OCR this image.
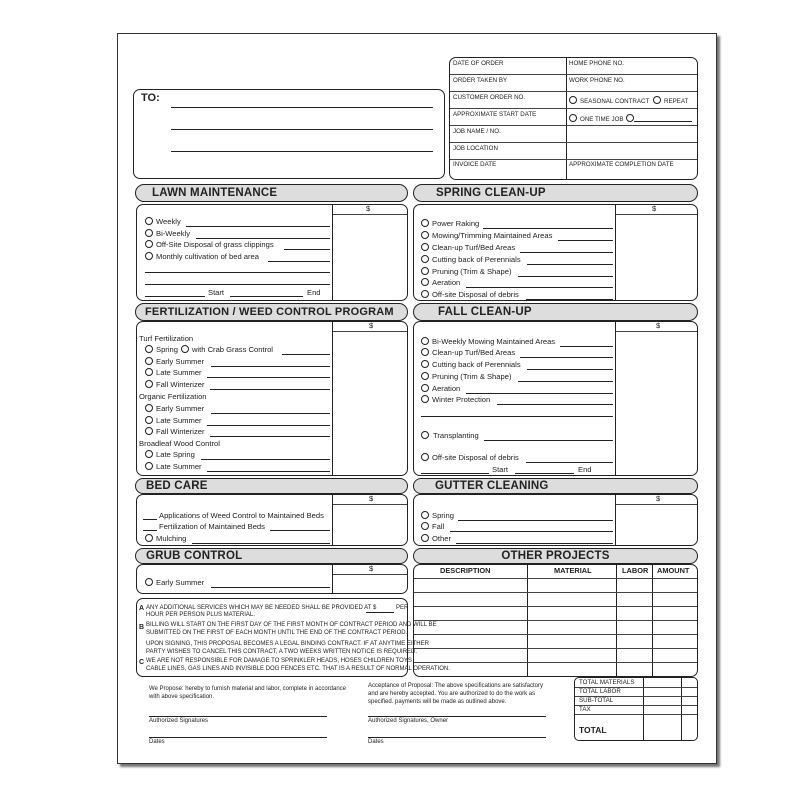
DATE OF ORDER	HOME PHONE NO.
ORDER TAKEN BY	WORK PHONE NO.
CUSTOMER ORDER NO.
SEASONAL CONTRACT	REPEAT
APPROXIMATE START DATE
ONE TIME JOB
JOB NAME / NO.
JOB LOCATION
INVOICE DATE	APPROXIMATE COMPLETION DATE
TO:
LAWN MAINTENANCE
$
Weekly
Bi-Weekly
Off-Site Disposal of grass clippings
Monthly cultivation of bed area
Start	End
SPRING CLEAN-UP
$
Power Raking
Mowing/Trimming Maintained Areas
Clean-up Turf/Bed Areas
Cutting back of Perennials
Pruning (Trim & Shape)
Aeration
Off-site Disposal of debris
FERTILIZATION / WEED CONTROL PROGRAM
$
Turf Fertilization
Spring with Crab Grass Control
Early Summer
Late Summer
Fall Winterizer
Organic Fertilization
Early Summer
Late Summer
Fall Winterizer
Broadleaf Wood Control
Late Spring
Late Summer
FALL CLEAN-UP
$
Bi-Weekly Mowing Maintained Areas
Clean-up Turf/Bed Areas
Cutting back of Perennials
Pruning (Trim & Shape)
Aeration
Winter Protection
Transplanting
Off-site Disposal of debris
Start	End
BED CARE
$
Applications of Weed Control to Maintained Beds
Fertilization of Maintained Beds
Mulching
GUTTER CLEANING
$
Spring
Fall
Other
GRUB CONTROL
$
Early Summer
OTHER PROJECTS
DESCRIPTION	MATERIAL	LABOR AMOUNT
A ANY ADDITIONAL SERVICES WHICH MAY BE NEEDED SHALL BE PROVIDED AT $	PER
HOUR PER PERSON PLUS MATERIAL.
B BILLING WILL START ON THE FIRST DAY OF THE FIRST MONTH OF CONTRACT PERIOD AND WILL BE
SUBMITTED ON THE FIRST OF EACH MONTH UNTIL THE END OF THE CONTRACT PERIOD.
UPON SIGNING, THIS PROPOSAL BECOMES A LEGAL BINDING CONTRACT. IF AT ANYTIME EITHER
PARTY WISHES TO CANCEL THIS CONTRACT, A TWO WEEKS WRITTEN NOTICE IS REQUIRED.
C WE ARE NOT RESPONSIBLE FOR DAMAGE TO SPRINKLER HEADS, HOSES CHILDREN TOYS
CABLE LINES, GAS LINES AND INVISIBLE DOG FENCES ETC. THAT IS A RESULT OF NORMAL OPERATION.
We Propose: hereby to furnish material and labor, complete in accordance
with above specification.
Authorized Signatures
Dates
Acceptance of Proposal: The above specifications are satisfactory
and are hereby accepted. You are authorized to do the work as
specified. payments will be made as outlined above.
Authorized Signatures, Owner
Dates
TOTAL MATERIALS
TOTAL LABOR
SUB-TOTAL
TAX
TOTAL
